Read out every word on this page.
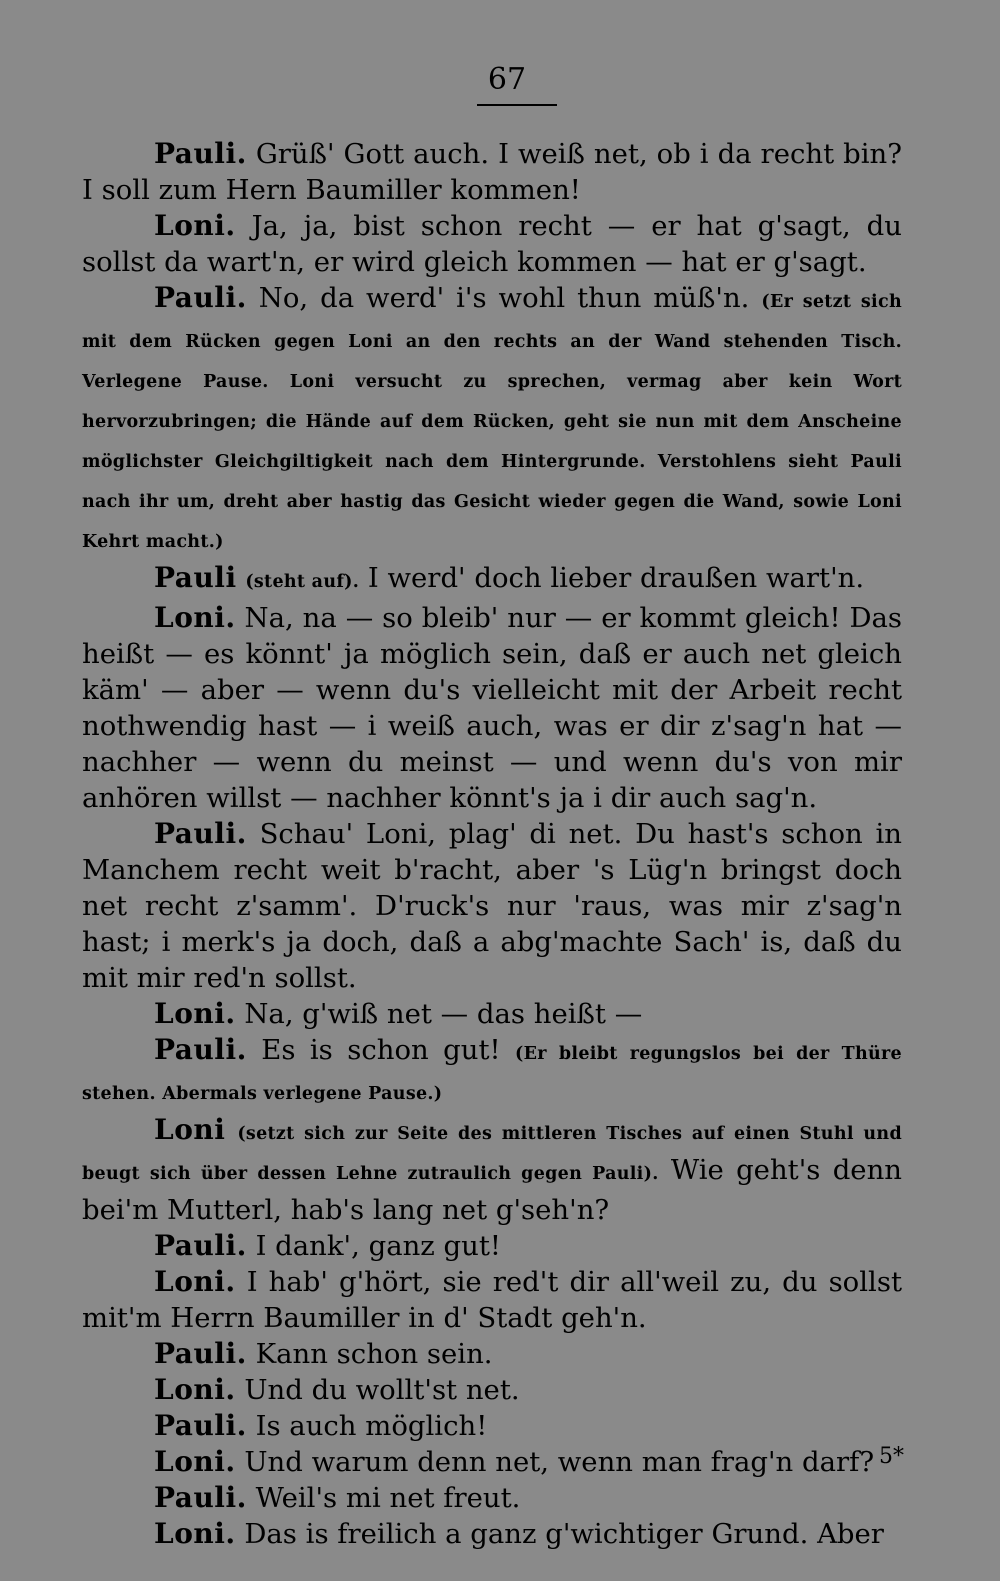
67

Pauli. Grüß' Gott auch. I weiß net, ob i da recht bin? I soll zum Hern Baumiller kommen!

Loni. Ja, ja, bist schon recht — er hat g'sagt, du sollst da wart'n, er wird gleich kommen — hat er g'sagt.

Pauli. No, da werd' i's wohl thun müß'n. (Er setzt sich mit dem Rücken gegen Loni an den rechts an der Wand stehenden Tisch. Verlegene Pause. Loni versucht zu sprechen, vermag aber kein Wort hervorzubringen; die Hände auf dem Rücken, geht sie nun mit dem Anscheine möglichster Gleichgiltigkeit nach dem Hintergrunde. Verstohlens sieht Pauli nach ihr um, dreht aber hastig das Gesicht wieder gegen die Wand, sowie Loni Kehrt macht.)

Pauli (steht auf). I werd' doch lieber draußen wart'n.

Loni. Na, na — so bleib' nur — er kommt gleich! Das heißt — es könnt' ja möglich sein, daß er auch net gleich käm' — aber — wenn du's vielleicht mit der Arbeit recht nothwendig hast — i weiß auch, was er dir z'sag'n hat — nachher — wenn du meinst — und wenn du's von mir anhören willst — nachher könnt's ja i dir auch sag'n.

Pauli. Schau' Loni, plag' di net. Du hast's schon in Manchem recht weit b'racht, aber 's Lüg'n bringst doch net recht z'samm'. D'ruck's nur 'raus, was mir z'sag'n hast; i merk's ja doch, daß a abg'machte Sach' is, daß du mit mir red'n sollst.

Loni. Na, g'wiß net — das heißt —

Pauli. Es is schon gut! (Er bleibt regungslos bei der Thüre stehen. Abermals verlegene Pause.)

Loni (setzt sich zur Seite des mittleren Tisches auf einen Stuhl und beugt sich über dessen Lehne zutraulich gegen Pauli). Wie geht's denn bei'm Mutterl, hab's lang net g'seh'n?

Pauli. I dank', ganz gut!

Loni. I hab' g'hört, sie red't dir all'weil zu, du sollst mit'm Herrn Baumiller in d' Stadt geh'n.

Pauli. Kann schon sein.

Loni. Und du wollt'st net.

Pauli. Is auch möglich!

Loni. Und warum denn net, wenn man frag'n darf?

Pauli. Weil's mi net freut.

Loni. Das is freilich a ganz g'wichtiger Grund. Aber

5*
